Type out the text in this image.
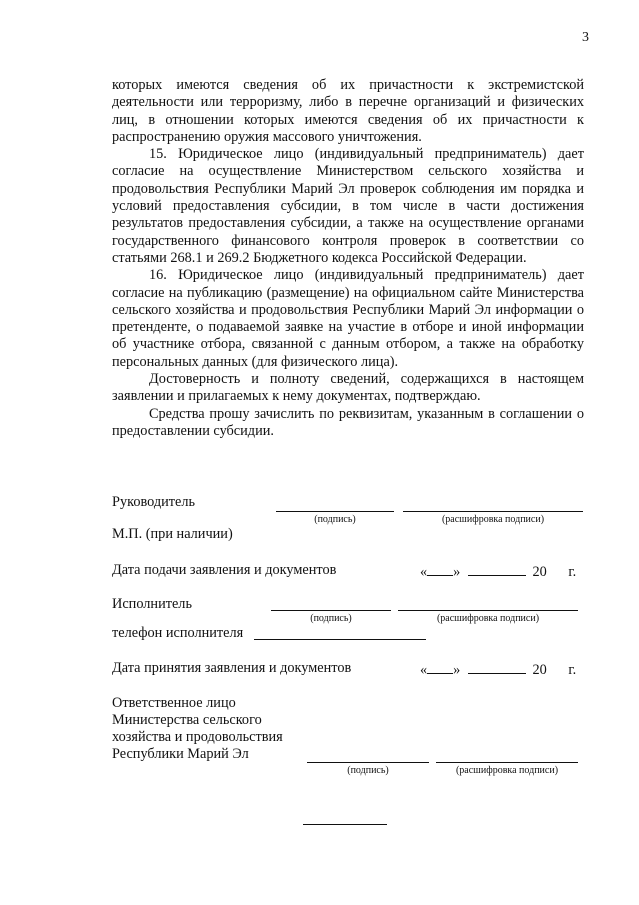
3

которых имеются сведения об их причастности к экстремистской деятельности или терроризму, либо в перечне организаций и физических лиц, в отношении которых имеются сведения об их причастности к распространению оружия массового уничтожения.

15. Юридическое лицо (индивидуальный предприниматель) дает согласие на осуществление Министерством сельского хозяйства и продовольствия Республики Марий Эл проверок соблюдения им порядка и условий предоставления субсидии, в том числе в части достижения результатов предоставления субсидии, а также на осуществление органами государственного финансового контроля проверок в соответствии со статьями 268.1 и 269.2 Бюджетного кодекса Российской Федерации.

16. Юридическое лицо (индивидуальный предприниматель) дает согласие на публикацию (размещение) на официальном сайте Министерства сельского хозяйства и продовольствия Республики Марий Эл информации о претенденте, о подаваемой заявке на участие в отборе и иной информации об участнике отбора, связанной с данным отбором, а также на обработку персональных данных (для физического лица).

Достоверность и полноту сведений, содержащихся в настоящем заявлении и прилагаемых к нему документах, подтверждаю.

Средства прошу зачислить по реквизитам, указанным в соглашении о предоставлении субсидии.

Руководитель
(подпись)	(расшифровка подписи)
М.П. (при наличии)
Дата подачи заявления и документов	« »	20 г.
Исполнитель
(подпись)	(расшифровка подписи)
телефон исполнителя
Дата принятия заявления и документов	« »	20 г.
Ответственное лицо
Министерства сельского
хозяйства и продовольствия
Республики Марий Эл
(подпись)	(расшифровка подписи)
